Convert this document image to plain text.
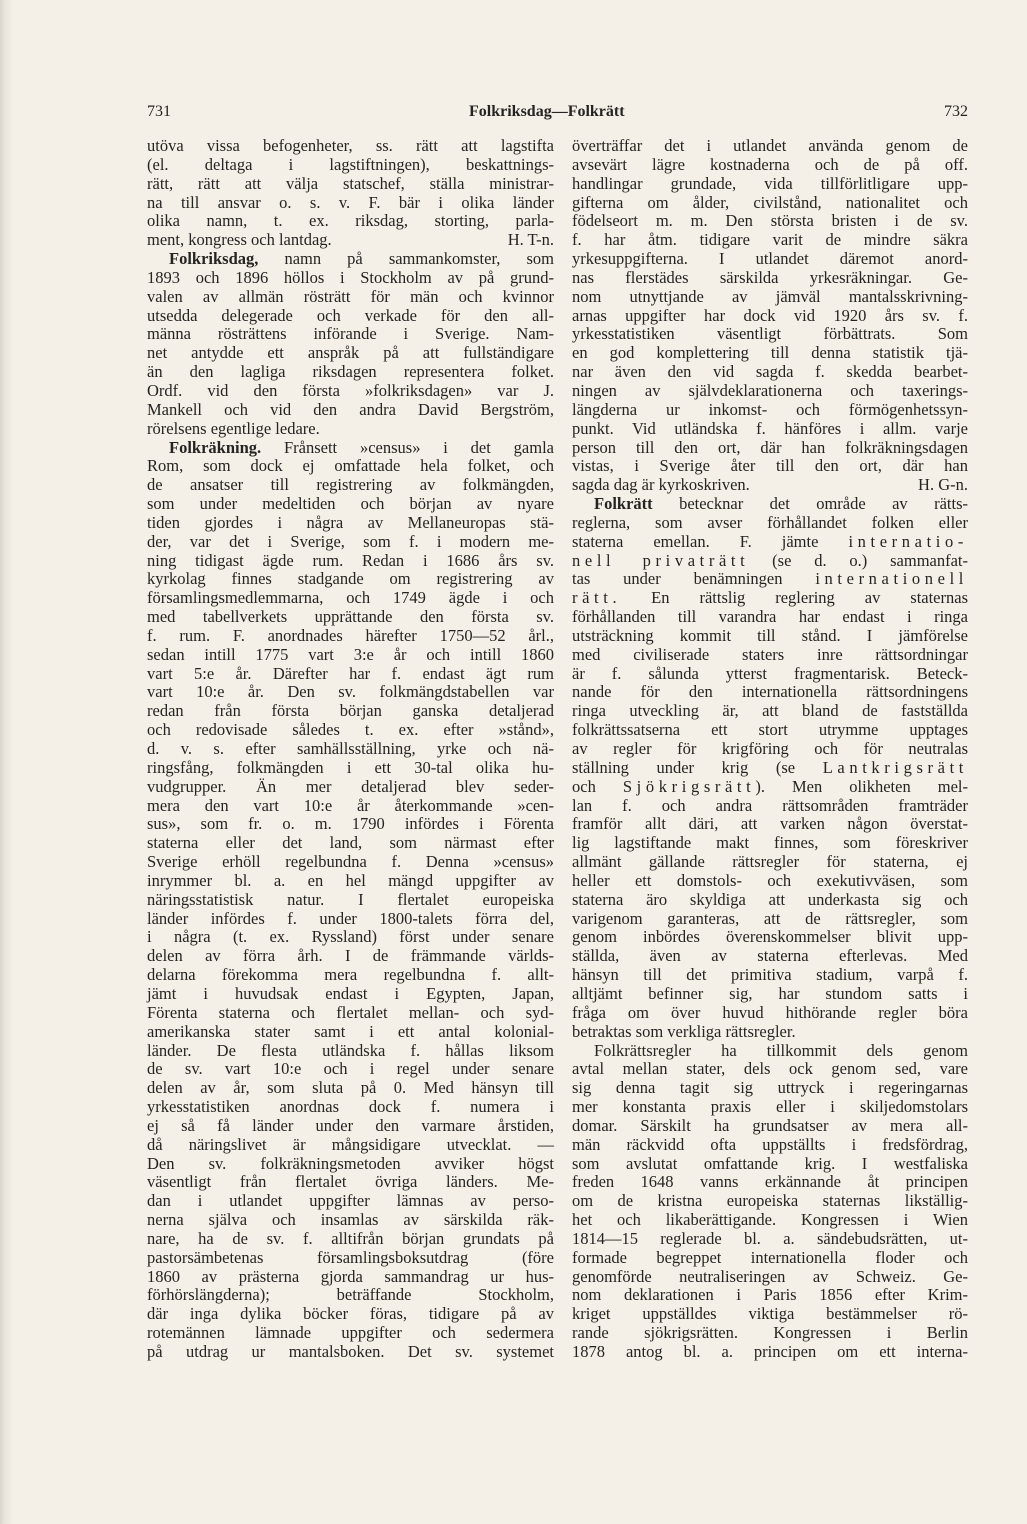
731	Folkriksdag—Folkrätt	732
utöva vissa befogenheter, ss. rätt att lagstifta
(el. deltaga i lagstiftningen), beskattnings-
rätt, rätt att välja statschef, ställa ministrar-
na till ansvar o. s. v. F. bär i olika länder
olika namn, t. ex. riksdag, storting, parla-
ment, kongress och lantdag.	H. T-n.
Folkriksdag, namn på sammankomster, som
1893 och 1896 höllos i Stockholm av på grund-
valen av allmän rösträtt för män och kvinnor
utsedda delegerade och verkade för den all-
männa rösträttens införande i Sverige. Nam-
net antydde ett anspråk på att fullständigare
än den lagliga riksdagen representera folket.
Ordf. vid den första »folkriksdagen» var J.
Mankell och vid den andra David Bergström,
rörelsens egentlige ledare.
Folkräkning. Frånsett »census» i det gamla
Rom, som dock ej omfattade hela folket, och
de ansatser till registrering av folkmängden,
som under medeltiden och början av nyare
tiden gjordes i några av Mellaneuropas stä-
der, var det i Sverige, som f. i modern me-
ning tidigast ägde rum. Redan i 1686 års sv.
kyrkolag finnes stadgande om registrering av
församlingsmedlemmarna, och 1749 ägde i och
med tabellverkets upprättande den första sv.
f. rum. F. anordnades härefter 1750—52 årl.,
sedan intill 1775 vart 3:e år och intill 1860
vart 5:e år. Därefter har f. endast ägt rum
vart 10:e år. Den sv. folkmängdstabellen var
redan från första början ganska detaljerad
och redovisade således t. ex. efter »stånd»,
d. v. s. efter samhällsställning, yrke och nä-
ringsfång, folkmängden i ett 30-tal olika hu-
vudgrupper. Än mer detaljerad blev seder-
mera den vart 10:e år återkommande »cen-
sus», som fr. o. m. 1790 infördes i Förenta
staterna eller det land, som närmast efter
Sverige erhöll regelbundna f. Denna »census»
inrymmer bl. a. en hel mängd uppgifter av
näringsstatistisk natur. I flertalet europeiska
länder infördes f. under 1800-talets förra del,
i några (t. ex. Ryssland) först under senare
delen av förra årh. I de främmande världs-
delarna förekomma mera regelbundna f. allt-
jämt i huvudsak endast i Egypten, Japan,
Förenta staterna och flertalet mellan- och syd-
amerikanska stater samt i ett antal kolonial-
länder. De flesta utländska f. hållas liksom
de sv. vart 10:e och i regel under senare
delen av år, som sluta på 0. Med hänsyn till
yrkesstatistiken anordnas dock f. numera i
ej så få länder under den varmare årstiden,
då näringslivet är mångsidigare utvecklat. —
Den sv. folkräkningsmetoden avviker högst
väsentligt från flertalet övriga länders. Me-
dan i utlandet uppgifter lämnas av perso-
nerna själva och insamlas av särskilda räk-
nare, ha de sv. f. alltifrån början grundats på
pastorsämbetenas församlingsboksutdrag (före
1860 av prästerna gjorda sammandrag ur hus-
förhörslängderna); beträffande Stockholm,
där inga dylika böcker föras, tidigare på av
rotemännen lämnade uppgifter och sedermera
på utdrag ur mantalsboken. Det sv. systemet
överträffar det i utlandet använda genom de
avsevärt lägre kostnaderna och de på off.
handlingar grundade, vida tillförlitligare upp-
gifterna om ålder, civilstånd, nationalitet och
födelseort m. m. Den största bristen i de sv.
f. har åtm. tidigare varit de mindre säkra
yrkesuppgifterna. I utlandet däremot anord-
nas flerstädes särskilda yrkesräkningar. Ge-
nom utnyttjande av jämväl mantalsskrivning-
arnas uppgifter har dock vid 1920 års sv. f.
yrkesstatistiken väsentligt förbättrats. Som
en god komplettering till denna statistik tjä-
nar även den vid sagda f. skedda bearbet-
ningen av självdeklarationerna och taxerings-
längderna ur inkomst- och förmögenhetssyn-
punkt. Vid utländska f. hänföres i allm. varje
person till den ort, där han folkräkningsdagen
vistas, i Sverige åter till den ort, där han
sagda dag är kyrkoskriven.	H. G-n.
Folkrätt betecknar det område av rätts-
reglerna, som avser förhållandet folken eller
staterna emellan. F. jämte internatio-
nell privaträtt (se d. o.) sammanfat-
tas under benämningen internationell
rätt. En rättslig reglering av staternas
förhållanden till varandra har endast i ringa
utsträckning kommit till stånd. I jämförelse
med civiliserade staters inre rättsordningar
är f. sålunda ytterst fragmentarisk. Beteck-
nande för den internationella rättsordningens
ringa utveckling är, att bland de fastställda
folkrättssatserna ett stort utrymme upptages
av regler för krigföring och för neutralas
ställning under krig (se Lantkrigsrätt
och Sjökrigsrätt). Men olikheten mel-
lan f. och andra rättsområden framträder
framför allt däri, att varken någon överstat-
lig lagstiftande makt finnes, som föreskriver
allmänt gällande rättsregler för staterna, ej
heller ett domstols- och exekutivväsen, som
staterna äro skyldiga att underkasta sig och
varigenom garanteras, att de rättsregler, som
genom inbördes överenskommelser blivit upp-
ställda, även av staterna efterlevas. Med
hänsyn till det primitiva stadium, varpå f.
alltjämt befinner sig, har stundom satts i
fråga om över huvud hithörande regler böra
betraktas som verkliga rättsregler.
Folkrättsregler ha tillkommit dels genom
avtal mellan stater, dels ock genom sed, vare
sig denna tagit sig uttryck i regeringarnas
mer konstanta praxis eller i skiljedomstolars
domar. Särskilt ha grundsatser av mera all-
män räckvidd ofta uppställts i fredsfördrag,
som avslutat omfattande krig. I westfaliska
freden 1648 vanns erkännande åt principen
om de kristna europeiska staternas likställig-
het och likaberättigande. Kongressen i Wien
1814—15 reglerade bl. a. sändebudsrätten, ut-
formade begreppet internationella floder och
genomförde neutraliseringen av Schweiz. Ge-
nom deklarationen i Paris 1856 efter Krim-
kriget uppställdes viktiga bestämmelser rö-
rande sjökrigsrätten. Kongressen i Berlin
1878 antog bl. a. principen om ett interna-
